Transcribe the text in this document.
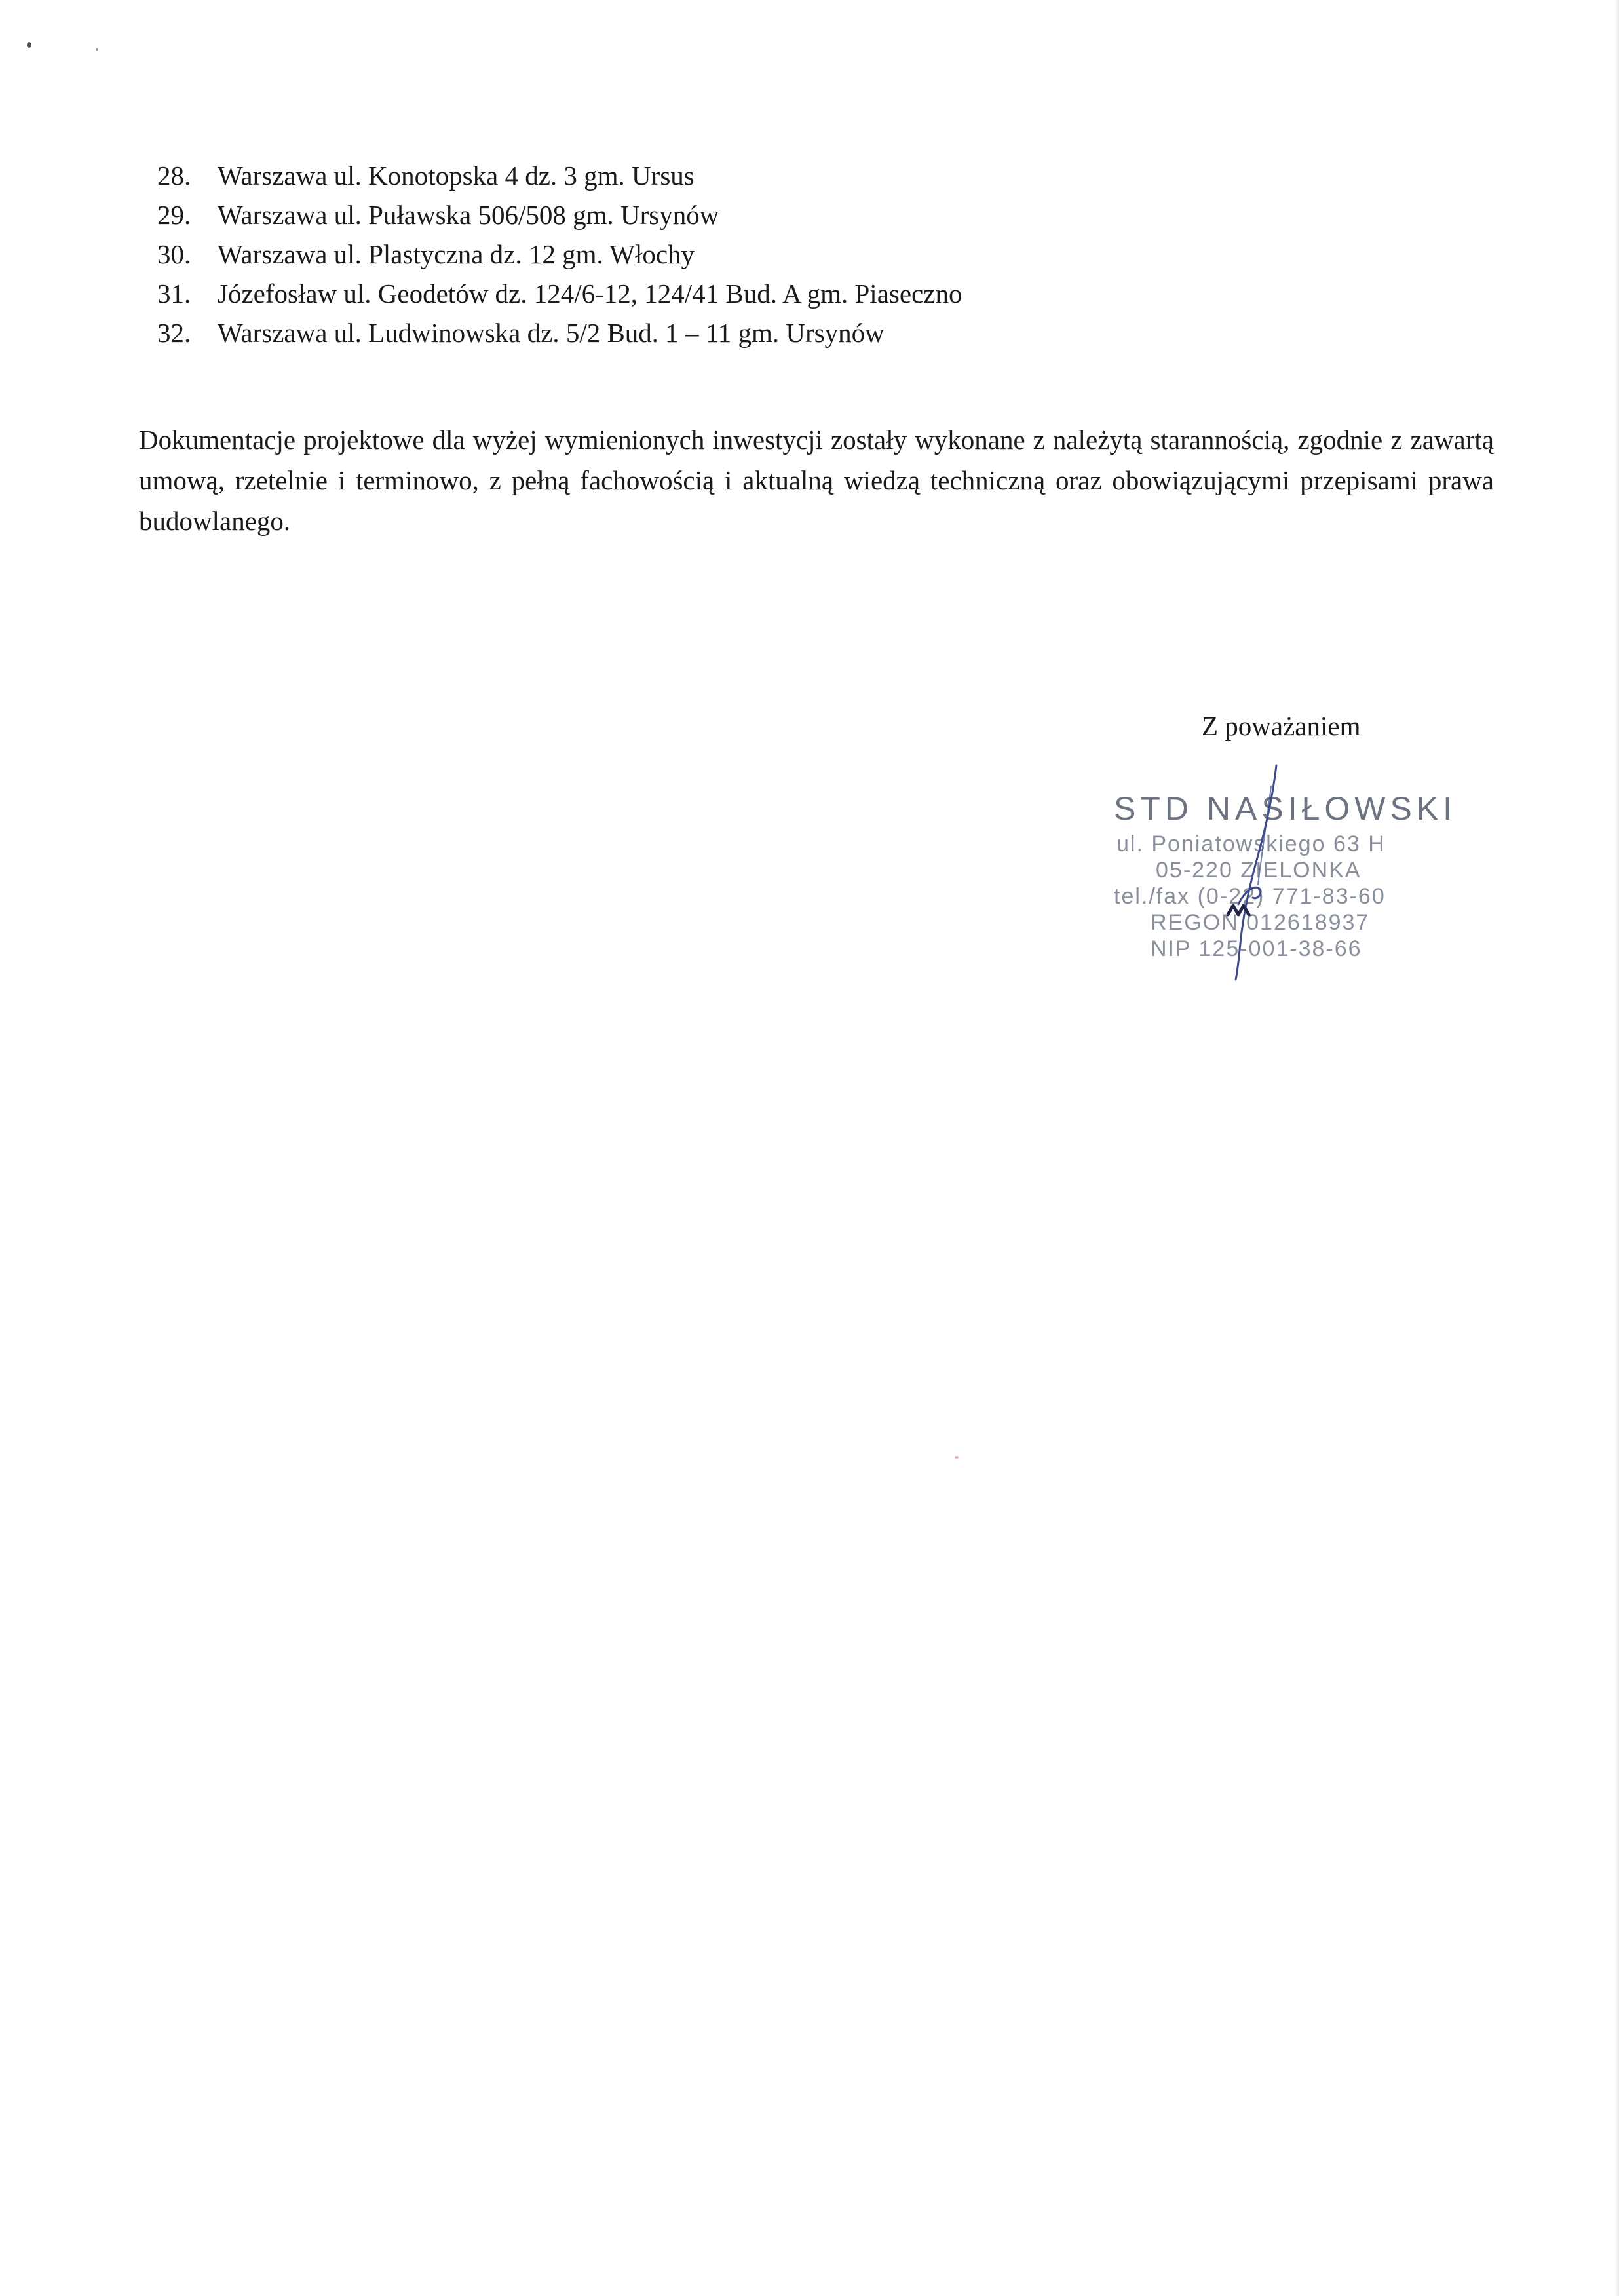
28. Warszawa ul. Konotopska 4 dz. 3 gm. Ursus
29. Warszawa ul. Puławska 506/508 gm. Ursynów
30. Warszawa ul. Plastyczna dz. 12 gm. Włochy
31. Józefosław ul. Geodetów dz. 124/6-12, 124/41 Bud. A gm. Piaseczno
32. Warszawa ul. Ludwinowska dz. 5/2 Bud. 1 – 11 gm. Ursynów

Dokumentacje projektowe dla wyżej wymienionych inwestycji zostały wykonane z należytą starannością, zgodnie z zawartą umową, rzetelnie i terminowo, z pełną fachowością i aktualną wiedzą techniczną oraz obowiązującymi przepisami prawa budowlanego.

Z poważaniem
STD NASIŁOWSKI
ul. Poniatowskiego 63 H
05-220 ZIELONKA
tel./fax (0-22) 771-83-60
REGON 012618937
NIP 125-001-38-66
